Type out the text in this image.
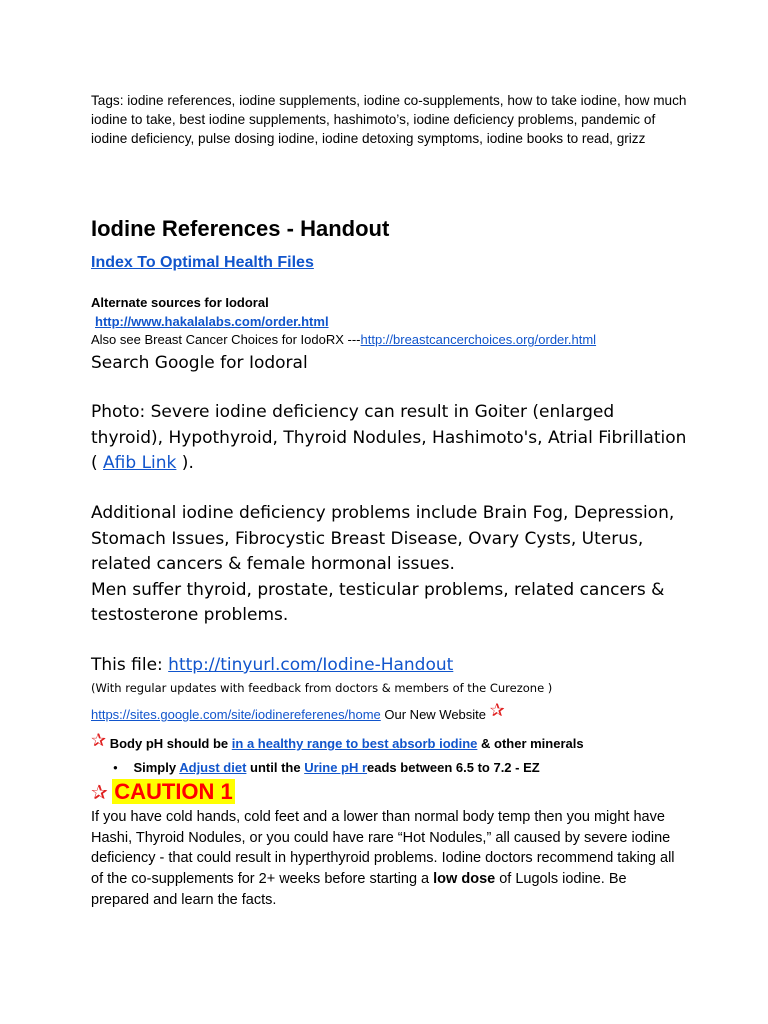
Tags: iodine references, iodine supplements, iodine co-supplements, how to take iodine, how much iodine to take, best iodine supplements, hashimoto’s, iodine deficiency problems, pandemic of iodine deficiency, pulse dosing iodine, iodine detoxing symptoms, iodine books to read, grizz

Iodine References - Handout
Index To Optimal Health Files
Alternate sources for Iodoral
http://www.hakalalabs.com/order.html
Also see Breast Cancer Choices for IodoRX ---http://breastcancerchoices.org/order.html
Search Google for Iodoral

Photo: Severe iodine deficiency can result in Goiter (enlarged thyroid), Hypothyroid, Thyroid Nodules, Hashimoto's, Atrial Fibrillation ( Afib Link ).

Additional iodine deficiency problems include Brain Fog, Depression, Stomach Issues, Fibrocystic Breast Disease, Ovary Cysts, Uterus, related cancers & female hormonal issues.
Men suffer thyroid, prostate, testicular problems, related cancers & testosterone problems.

This file: http://tinyurl.com/Iodine-Handout
(With regular updates with feedback from doctors & members of the Curezone )
https://sites.google.com/site/iodinereferenes/home Our New Website ✰
✰ Body pH should be in a healthy range to best absorb iodine & other minerals
● Simply Adjust diet until the Urine pH reads between 6.5 to 7.2 - EZ
✰ CAUTION 1

If you have cold hands, cold feet and a lower than normal body temp then you might have Hashi, Thyroid Nodules, or you could have rare “Hot Nodules,” all caused by severe iodine deficiency - that could result in hyperthyroid problems. Iodine doctors recommend taking all of the co-supplements for 2+ weeks before starting a low dose of Lugols iodine. Be prepared and learn the facts.
